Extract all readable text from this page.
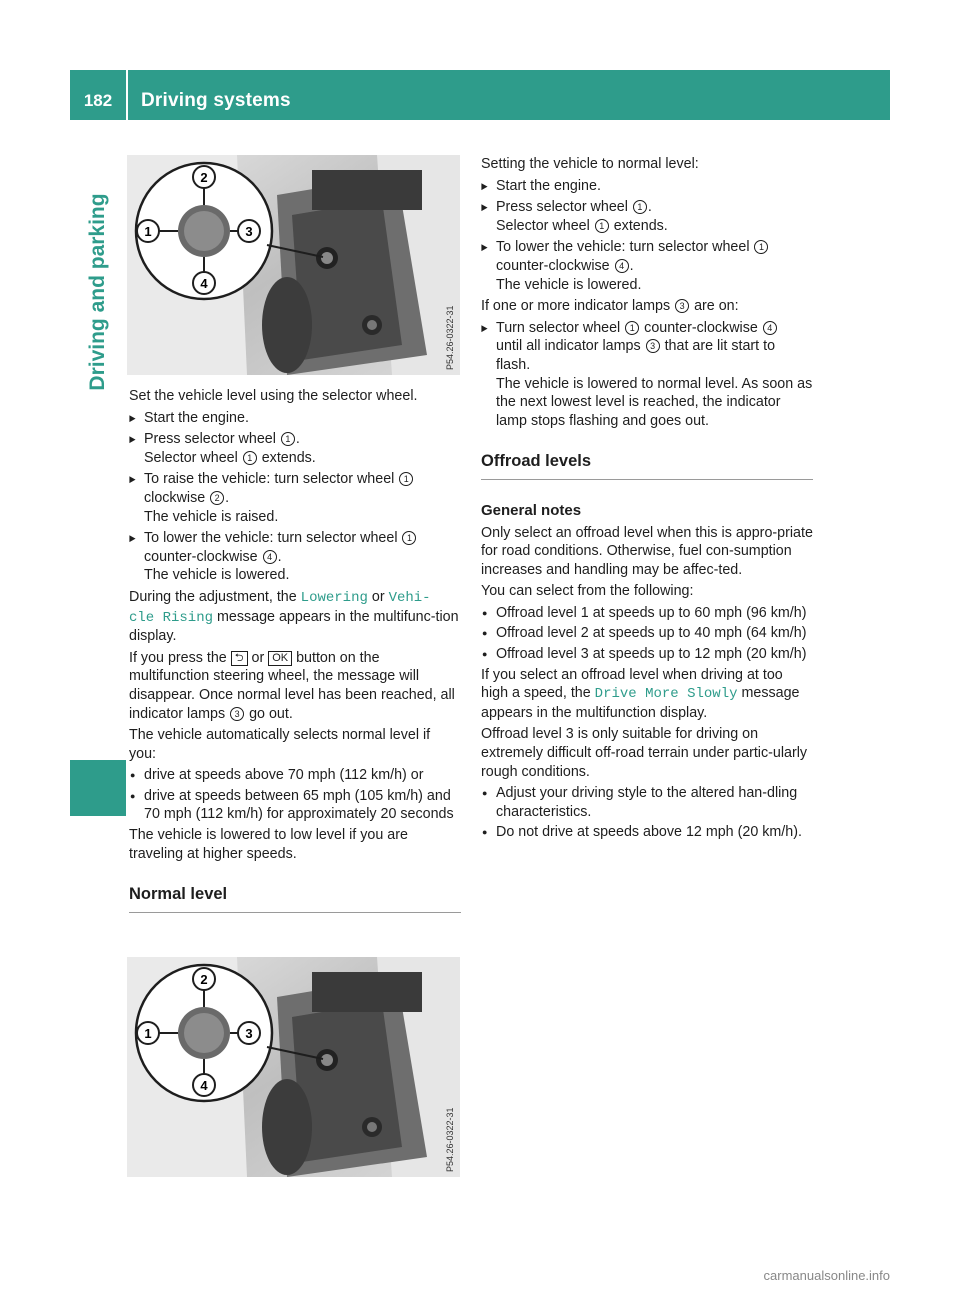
182	Driving systems
Driving and parking
2
1	3
4
P54.26-0322-31
2
1	3
4
P54.26-0322-31

Set the vehicle level using the selector wheel.

▶ Start the engine.
▶ Press selector wheel 1 .
Selector wheel 1 extends.
▶ To raise the vehicle: turn selector wheel 1
clockwise 2 .
The vehicle is raised.
▶ To lower the vehicle: turn selector wheel 1
counter-clockwise 4 .
The vehicle is lowered.

During the adjustment, the Lowering or Vehi‐
cle Rising message appears in the multifunc-tion display.

If you press the ⮌ or OK button on the multifunction steering wheel, the message will disappear. Once normal level has been reached, all indicator lamps 3 go out.

The vehicle automatically selects normal level if you:

● drive at speeds above 70 mph (112 km/h) or
● drive at speeds between 65 mph (105 km/h) and 70 mph (112 km/h) for approximately 20 seconds

The vehicle is lowered to low level if you are traveling at higher speeds.

Normal level

Setting the vehicle to normal level:

▶ Start the engine.
▶ Press selector wheel 1 .
Selector wheel 1 extends.
▶ To lower the vehicle: turn selector wheel 1
counter-clockwise 4 .
The vehicle is lowered.

If one or more indicator lamps 3 are on:

▶ Turn selector wheel 1 counter-clockwise 4
until all indicator lamps 3 that are lit start to flash.
The vehicle is lowered to normal level. As soon as the next lowest level is reached, the indicator lamp stops flashing and goes out.
Offroad levels
General notes

Only select an offroad level when this is appro-priate for road conditions. Otherwise, fuel con-sumption increases and handling may be affec-ted.

You can select from the following:

● Offroad level 1 at speeds up to 60 mph (96 km/h)
● Offroad level 2 at speeds up to 40 mph (64 km/h)
● Offroad level 3 at speeds up to 12 mph (20 km/h)

If you select an offroad level when driving at too high a speed, the Drive More Slowly message appears in the multifunction display.

Offroad level 3 is only suitable for driving on extremely difficult off-road terrain under partic-ularly rough conditions.

● Adjust your driving style to the altered han-dling characteristics.
● Do not drive at speeds above 12 mph (20 km/h).
carmanualsonline.info
